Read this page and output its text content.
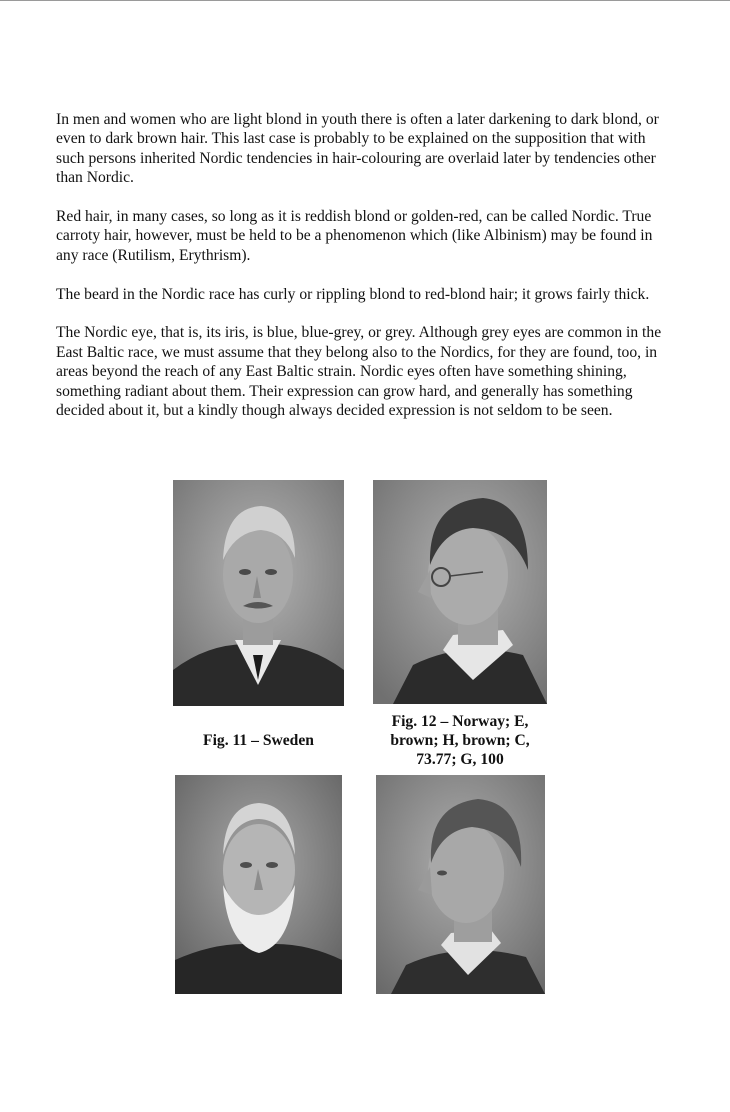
In men and women who are light blond in youth there is often a later darkening to dark blond, or even to dark brown hair. This last case is probably to be explained on the supposition that with such persons inherited Nordic tendencies in hair-colouring are overlaid later by tendencies other than Nordic.

Red hair, in many cases, so long as it is reddish blond or golden-red, can be called Nordic. True carroty hair, however, must be held to be a phenomenon which (like Albinism) may be found in any race (Rutilism, Erythrism).

The beard in the Nordic race has curly or rippling blond to red-blond hair; it grows fairly thick.

The Nordic eye, that is, its iris, is blue, blue-grey, or grey. Although grey eyes are common in the East Baltic race, we must assume that they belong also to the Nordics, for they are found, too, in areas beyond the reach of any East Baltic strain. Nordic eyes often have something shining, something radiant about them. Their expression can grow hard, and generally has something decided about it, but a kindly though always decided expression is not seldom to be seen.

Fig. 11 – Sweden
Fig. 12 – Norway; E, brown; H, brown; C, 73.77; G, 100
